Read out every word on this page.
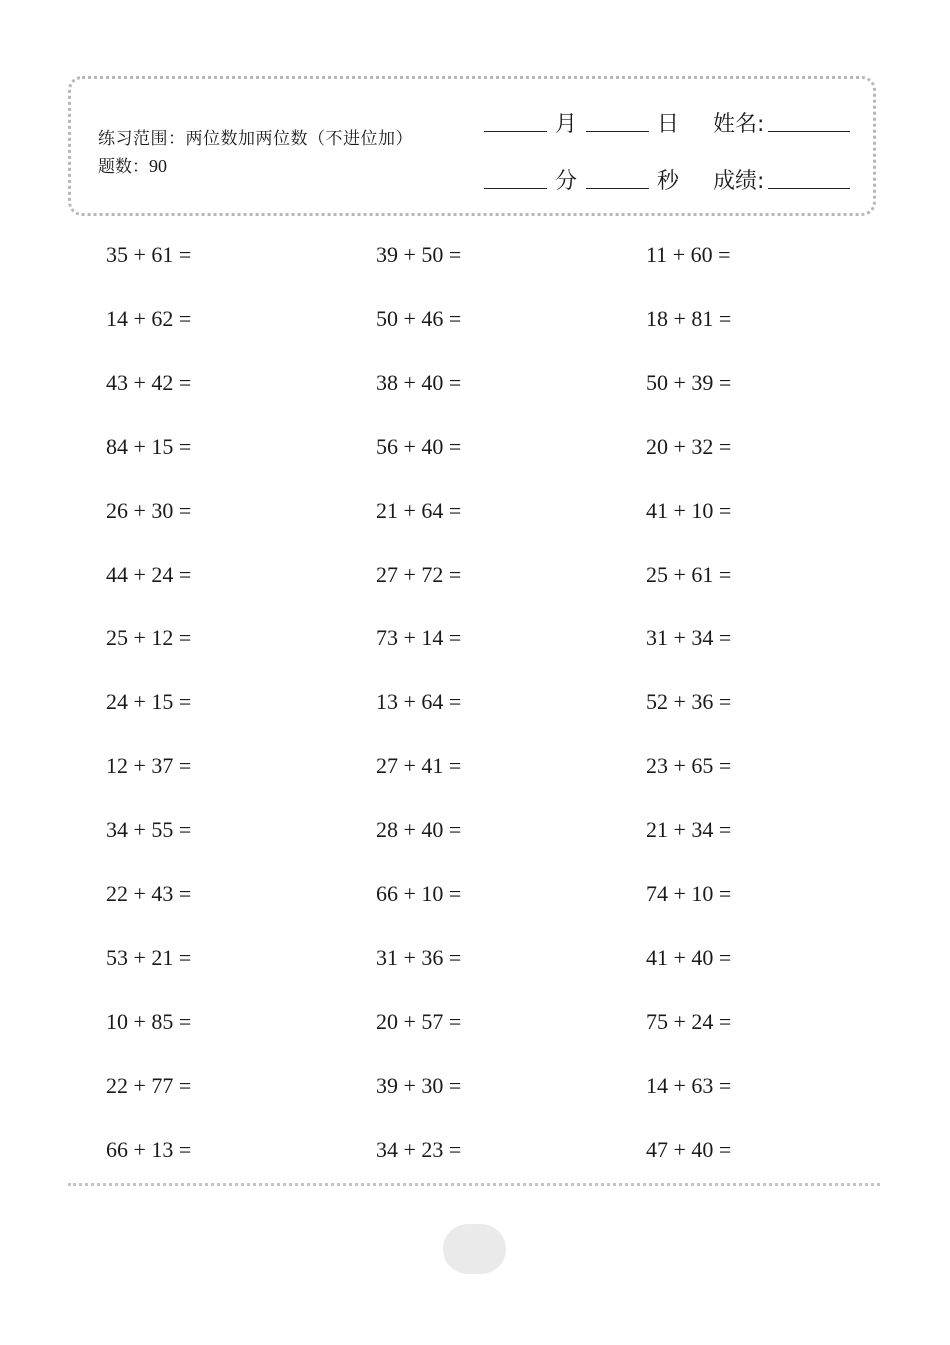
练习范围：两位数加两位数（不进位加）
题数：90
月	日 姓名:
分	秒 成绩:
35 + 61 =	39 + 50 =	11 + 60 =
14 + 62 =	50 + 46 =	18 + 81 =
43 + 42 =	38 + 40 =	50 + 39 =
84 + 15 =	56 + 40 =	20 + 32 =
26 + 30 =	21 + 64 =	41 + 10 =
44 + 24 =	27 + 72 =	25 + 61 =
25 + 12 =	73 + 14 =	31 + 34 =
24 + 15 =	13 + 64 =	52 + 36 =
12 + 37 =	27 + 41 =	23 + 65 =
34 + 55 =	28 + 40 =	21 + 34 =
22 + 43 =	66 + 10 =	74 + 10 =
53 + 21 =	31 + 36 =	41 + 40 =
10 + 85 =	20 + 57 =	75 + 24 =
22 + 77 =	39 + 30 =	14 + 63 =
66 + 13 =	34 + 23 =	47 + 40 =
